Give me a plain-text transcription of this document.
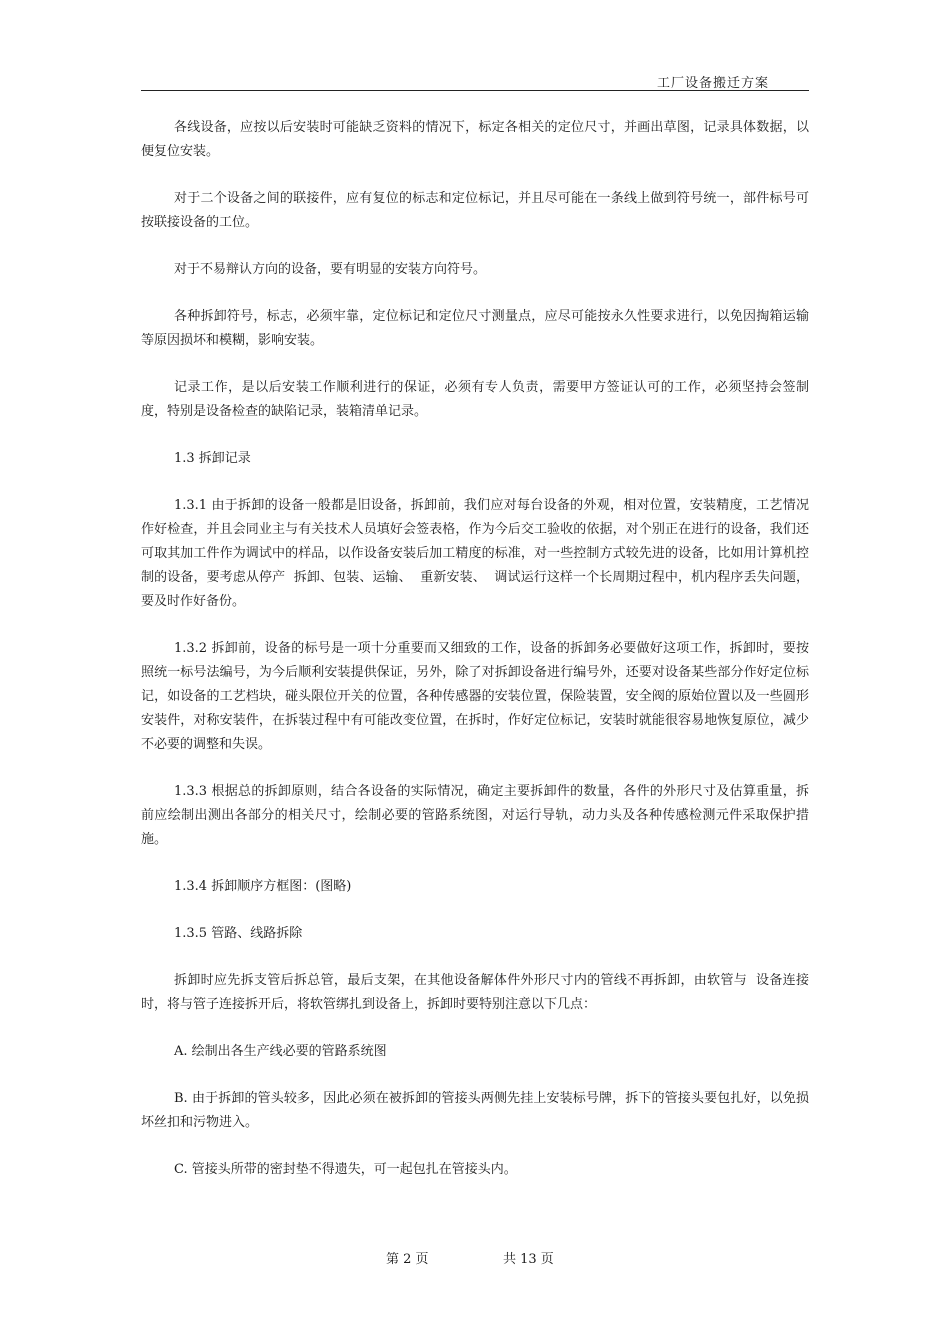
工厂设备搬迁方案

各线设备，应按以后安装时可能缺乏资料的情况下，标定各相关的定位尺寸，并画出草图，记录具体数据，以便复位安装。

对于二个设备之间的联接件，应有复位的标志和定位标记，并且尽可能在一条线上做到符号统一，部件标号可按联接设备的工位。

对于不易辩认方向的设备，要有明显的安装方向符号。

各种拆卸符号，标志，必须牢靠，定位标记和定位尺寸测量点，应尽可能按永久性要求进行，以免因掏箱运输等原因损坏和模糊，影响安装。

记录工作，是以后安装工作顺利进行的保证，必须有专人负责，需要甲方签证认可的工作，必须坚持会签制度，特别是设备检查的缺陷记录，装箱清单记录。

1.3 拆卸记录

1.3.1 由于拆卸的设备一般都是旧设备，拆卸前，我们应对每台设备的外观，相对位置，安装精度，工艺情况作好检查，并且会同业主与有关技术人员填好会签表格，作为今后交工验收的依据，对个别正在进行的设备，我们还可取其加工件作为调试中的样品，以作设备安装后加工精度的标准，对一些控制方式较先进的设备，比如用计算机控制的设备，要考虑从停产  拆卸、包装、运输、  重新安装、  调试运行这样一个长周期过程中，机内程序丢失问题，要及时作好备份。

1.3.2 拆卸前，设备的标号是一项十分重要而又细致的工作，设备的拆卸务必要做好这项工作，拆卸时，要按照统一标号法编号，为今后顺利安装提供保证，另外，除了对拆卸设备进行编号外，还要对设备某些部分作好定位标记，如设备的工艺档块，碰头限位开关的位置，各种传感器的安装位置，保险装置，安全阀的原始位置以及一些圆形安装件，对称安装件，在拆装过程中有可能改变位置，在拆时，作好定位标记，安装时就能很容易地恢复原位，减少不必要的调整和失误。

1.3.3 根据总的拆卸原则，结合各设备的实际情况，确定主要拆卸件的数量，各件的外形尺寸及估算重量，拆前应绘制出测出各部分的相关尺寸，绘制必要的管路系统图，对运行导轨，动力头及各种传感检测元件采取保护措施。

1.3.4 拆卸顺序方框图：(图略)

1.3.5 管路、线路拆除

拆卸时应先拆支管后拆总管，最后支架，在其他设备解体件外形尺寸内的管线不再拆卸，由软管与  设备连接时，将与管子连接拆开后，将软管绑扎到设备上，拆卸时要特别注意以下几点：

A. 绘制出各生产线必要的管路系统图

B. 由于拆卸的管头较多，因此必须在被拆卸的管接头两侧先挂上安装标号牌，拆下的管接头要包扎好，以免损坏丝扣和污物进入。

C. 管接头所带的密封垫不得遗失，可一起包扎在管接头内。

第 2 页	共 13 页
